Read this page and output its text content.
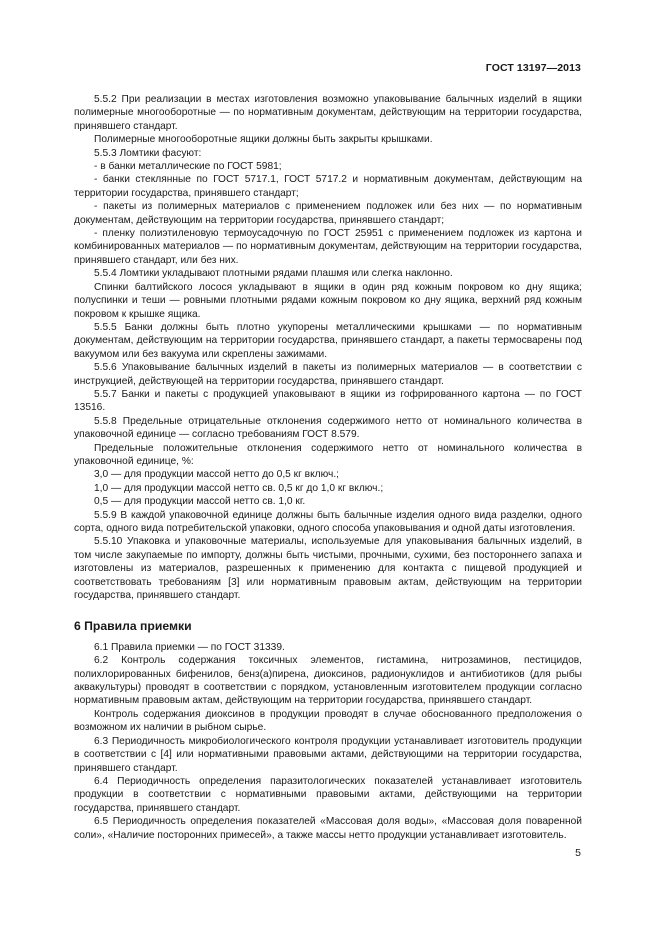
ГОСТ 13197—2013

5.5.2 При реализации в местах изготовления возможно упаковывание балычных изделий в ящики полимерные многооборотные — по нормативным документам, действующим на территории государства, принявшего стандарт.

Полимерные многооборотные ящики должны быть закрыты крышками.

5.5.3 Ломтики фасуют:

- в банки металлические по ГОСТ 5981;

- банки стеклянные по ГОСТ 5717.1, ГОСТ 5717.2 и нормативным документам, действующим на территории государства, принявшего стандарт;

- пакеты из полимерных материалов с применением подложек или без них — по нормативным документам, действующим на территории государства, принявшего стандарт;

- пленку полиэтиленовую термоусадочную по ГОСТ 25951 с применением подложек из картона и комбинированных материалов — по нормативным документам, действующим на территории государства, принявшего стандарт, или без них.

5.5.4 Ломтики укладывают плотными рядами плашмя или слегка наклонно.

Спинки балтийского лосося укладывают в ящики в один ряд кожным покровом ко дну ящика; полуспинки и теши — ровными плотными рядами кожным покровом ко дну ящика, верхний ряд кожным покровом к крышке ящика.

5.5.5 Банки должны быть плотно укупорены металлическими крышками — по нормативным документам, действующим на территории государства, принявшего стандарт, а пакеты термосварены под вакуумом или без вакуума или скреплены зажимами.

5.5.6 Упаковывание балычных изделий в пакеты из полимерных материалов — в соответствии с инструкцией, действующей на территории государства, принявшего стандарт.

5.5.7 Банки и пакеты с продукцией упаковывают в ящики из гофрированного картона — по ГОСТ 13516.

5.5.8 Предельные отрицательные отклонения содержимого нетто от номинального количества в упаковочной единице — согласно требованиям ГОСТ 8.579.

Предельные положительные отклонения содержимого нетто от номинального количества в упаковочной единице, %:

3,0 — для продукции массой нетто до 0,5 кг включ.;

1,0 — для продукции массой нетто св. 0,5 кг до 1,0 кг включ.;

0,5 — для продукции массой нетто св. 1,0 кг.

5.5.9 В каждой упаковочной единице должны быть балычные изделия одного вида разделки, одного сорта, одного вида потребительской упаковки, одного способа упаковывания и одной даты изготовления.

5.5.10 Упаковка и упаковочные материалы, используемые для упаковывания балычных изделий, в том числе закупаемые по импорту, должны быть чистыми, прочными, сухими, без постороннего запаха и изготовлены из материалов, разрешенных к применению для контакта с пищевой продукцией и соответствовать требованиям [3] или нормативным правовым актам, действующим на территории государства, принявшего стандарт.

6 Правила приемки

6.1 Правила приемки — по ГОСТ 31339.

6.2 Контроль содержания токсичных элементов, гистамина, нитрозаминов, пестицидов, полихлорированных бифенилов, бенз(а)пирена, диоксинов, радионуклидов и антибиотиков (для рыбы аквакультуры) проводят в соответствии с порядком, установленным изготовителем продукции согласно нормативным правовым актам, действующим на территории государства, принявшего стандарт.

Контроль содержания диоксинов в продукции проводят в случае обоснованного предположения о возможном их наличии в рыбном сырье.

6.3 Периодичность микробиологического контроля продукции устанавливает изготовитель продукции в соответствии с [4] или нормативными правовыми актами, действующими на территории государства, принявшего стандарт.

6.4 Периодичность определения паразитологических показателей устанавливает изготовитель продукции в соответствии с нормативными правовыми актами, действующими на территории государства, принявшего стандарт.

6.5 Периодичность определения показателей «Массовая доля воды», «Массовая доля поваренной соли», «Наличие посторонних примесей», а также массы нетто продукции устанавливает изготовитель.

5
